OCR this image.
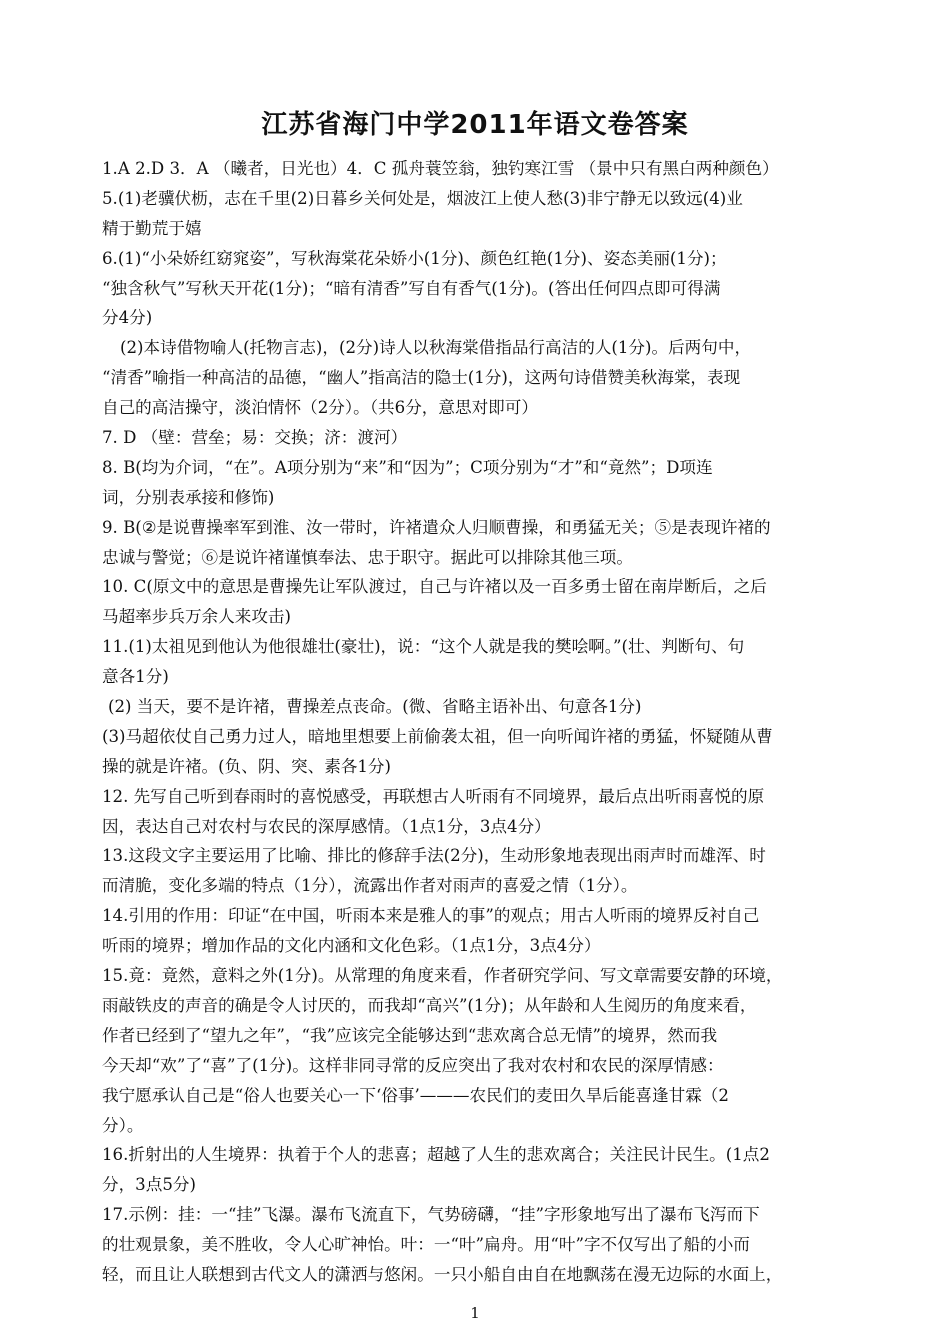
江苏省海门中学2011年语文卷答案
1.A 2.D 3．A （曦者，日光也）4．C 孤舟蓑笠翁，独钓寒江雪 （景中只有黑白两种颜色）
5.(1)老骥伏枥，志在千里(2)日暮乡关何处是，烟波江上使人愁(3)非宁静无以致远(4)业
精于勤荒于嬉
6.(1)“小朵娇红窈窕姿”，写秋海棠花朵娇小(1分)、颜色红艳(1分)、姿态美丽(1分)；
“独含秋气”写秋天开花(1分)；“暗有清香”写自有香气(1分)。(答出任何四点即可得满
分4分)
(2)本诗借物喻人(托物言志)，(2分)诗人以秋海棠借指品行高洁的人(1分)。后两句中，
“清香”喻指一种高洁的品德，“幽人”指高洁的隐士(1分)，这两句诗借赞美秋海棠，表现
自己的高洁操守，淡泊情怀（2分）。（共6分，意思对即可）
7. D （壁：营垒；易：交换；济：渡河）
8. B(均为介词，“在”。A项分别为“来”和“因为”；C项分别为“才”和“竟然”；D项连
词，分别表承接和修饰)
9. B(②是说曹操率军到淮、汝一带时，许褚遣众人归顺曹操，和勇猛无关；⑤是表现许褚的
忠诚与警觉；⑥是说许褚谨慎奉法、忠于职守。据此可以排除其他三项。
10. C(原文中的意思是曹操先让军队渡过，自己与许褚以及一百多勇士留在南岸断后，之后
马超率步兵万余人来攻击)
11.(1)太祖见到他认为他很雄壮(豪壮)，说：“这个人就是我的樊哙啊。”(壮、判断句、句
意各1分)
(2) 当天，要不是许褚，曹操差点丧命。(微、省略主语补出、句意各1分)
(3)马超依仗自己勇力过人，暗地里想要上前偷袭太祖，但一向听闻许褚的勇猛，怀疑随从曹
操的就是许褚。(负、阴、突、素各1分)
12. 先写自己听到春雨时的喜悦感受，再联想古人听雨有不同境界，最后点出听雨喜悦的原
因，表达自己对农村与农民的深厚感情。（1点1分，3点4分）
13.这段文字主要运用了比喻、排比的修辞手法(2分)，生动形象地表现出雨声时而雄浑、时
而清脆，变化多端的特点（1分），流露出作者对雨声的喜爱之情（1分）。
14.引用的作用：印证“在中国，听雨本来是雅人的事”的观点；用古人听雨的境界反衬自己
听雨的境界；增加作品的文化内涵和文化色彩。（1点1分，3点4分）
15.竟：竟然，意料之外(1分)。从常理的角度来看，作者研究学问、写文章需要安静的环境，
雨敲铁皮的声音的确是令人讨厌的，而我却“高兴”(1分)；从年龄和人生阅历的角度来看，
作者已经到了“望九之年”，“我”应该完全能够达到“悲欢离合总无情”的境界，然而我
今天却“欢”了“喜”了(1分)。这样非同寻常的反应突出了我对农村和农民的深厚情感：
我宁愿承认自己是“俗人也要关心一下‘俗事’———农民们的麦田久旱后能喜逢甘霖（2
分）。
16.折射出的人生境界：执着于个人的悲喜；超越了人生的悲欢离合；关注民计民生。(1点2
分，3点5分)
17.示例：挂：一“挂”飞瀑。瀑布飞流直下，气势磅礴，“挂”字形象地写出了瀑布飞泻而下
的壮观景象，美不胜收，令人心旷神怡。叶：一“叶”扁舟。用“叶”字不仅写出了船的小而
轻，而且让人联想到古代文人的潇洒与悠闲。一只小船自由自在地飘荡在漫无边际的水面上，
1
